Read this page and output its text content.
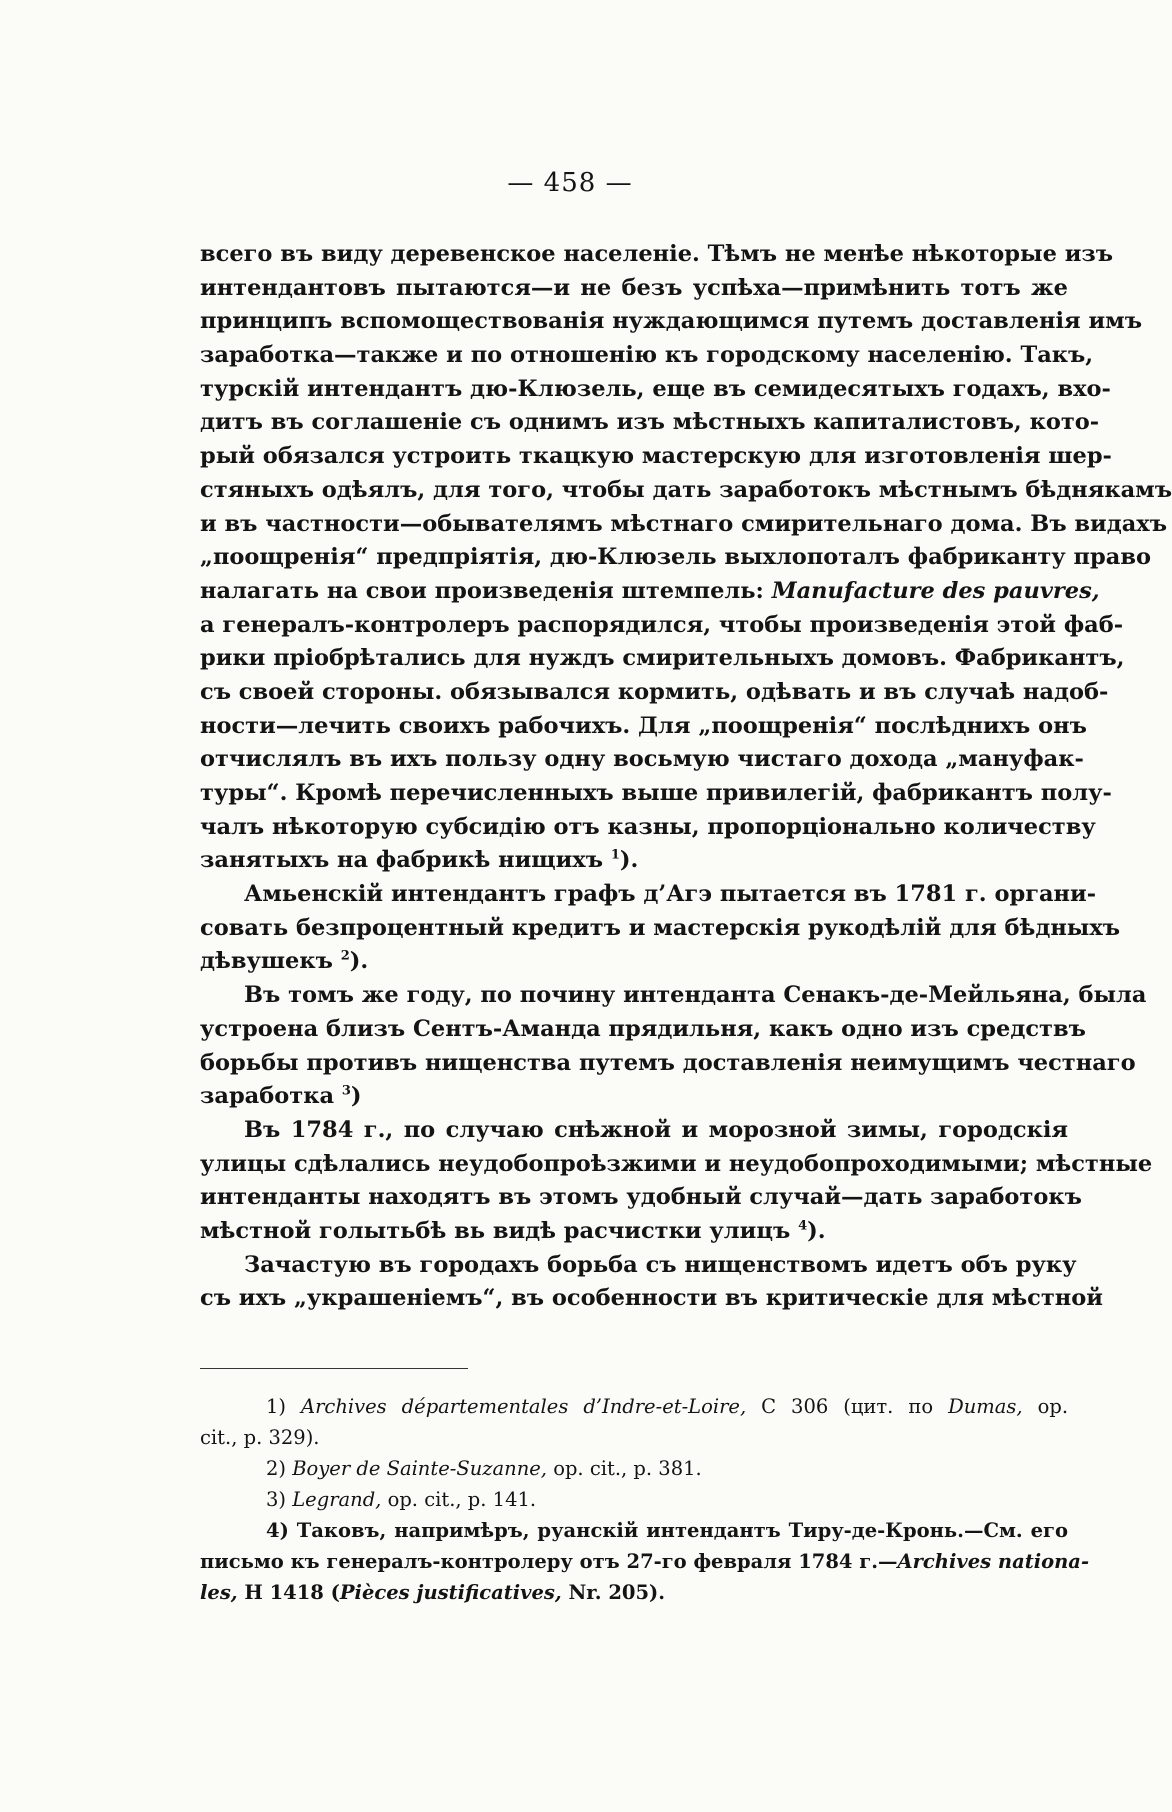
— 458 —
всего въ виду деревенское населеніе. Тѣмъ не менѣе нѣкоторые изъ
интендантовъ пытаются—и не безъ успѣха—примѣнить тотъ же
принципъ вспомоществованія нуждающимся путемъ доставленія имъ
заработка—также и по отношенію къ городскому населенію. Такъ,
турскій интендантъ дю-Клюзель, еще въ семидесятыхъ годахъ, вхо-
дитъ въ соглашеніе съ однимъ изъ мѣстныхъ капиталистовъ, кото-
рый обязался устроить ткацкую мастерскую для изготовленія шер-
стяныхъ одѣялъ, для того, чтобы дать заработокъ мѣстнымъ бѣднякамъ
и въ частности—обывателямъ мѣстнаго смирительнаго дома. Въ видахъ
„поощренія“ предпріятія, дю-Клюзель выхлопоталъ фабриканту право
налагать на свои произведенія штемпель: Manufacture des pauvres,
а генералъ-контролеръ распорядился, чтобы произведенія этой фаб-
рики пріобрѣтались для нуждъ смирительныхъ домовъ. Фабрикантъ,
съ своей стороны. обязывался кормить, одѣвать и въ случаѣ надоб-
ности—лечить своихъ рабочихъ. Для „поощренія“ послѣднихъ онъ
отчислялъ въ ихъ пользу одну восьмую чистаго дохода „мануфак-
туры“. Кромѣ перечисленныхъ выше привилегій, фабрикантъ полу-
чалъ нѣкоторую субсидію отъ казны, пропорціонально количеству
занятыхъ на фабрикѣ нищихъ $^1$).
Амьенскій интендантъ графъ д’Агэ пытается въ 1781 г. органи-
совать безпроцентный кредитъ и мастерскія рукодѣлій для бѣдныхъ
дѣвушекъ $^2$).
Въ томъ же году, по почину интенданта Сенакъ-де-Мейльяна, была
устроена близъ Сентъ-Аманда прядильня, какъ одно изъ средствъ
борьбы противъ нищенства путемъ доставленія неимущимъ честнаго
заработка $^3$)
Въ 1784 г., по случаю снѣжной и морозной зимы, городскія
улицы сдѣлались неудобопроѣзжими и неудобопроходимыми; мѣстные
интенданты находятъ въ этомъ удобный случай—дать заработокъ
мѣстной голытьбѣ вь видѣ расчистки улицъ $^4$).
Зачастую въ городахъ борьба съ нищенствомъ идетъ объ руку
съ ихъ „украшеніемъ“, въ особенности въ критическіе для мѣстной
1) Archives départementales d’Indre-et-Loire, C 306 (цит. по Dumas, op.
cit., p. 329).
2) Boyer de Sainte-Suzanne, op. cit., p. 381.
3) Legrand, op. cit., p. 141.
4) Таковъ, напримѣръ, руанскій интендантъ Тиру-де-Кронь.—См. его
письмо къ генералъ-контролеру отъ 27-го февраля 1784 г.—Archives nationa-
les, H 1418 (Pièces justificatives, Nr. 205).
